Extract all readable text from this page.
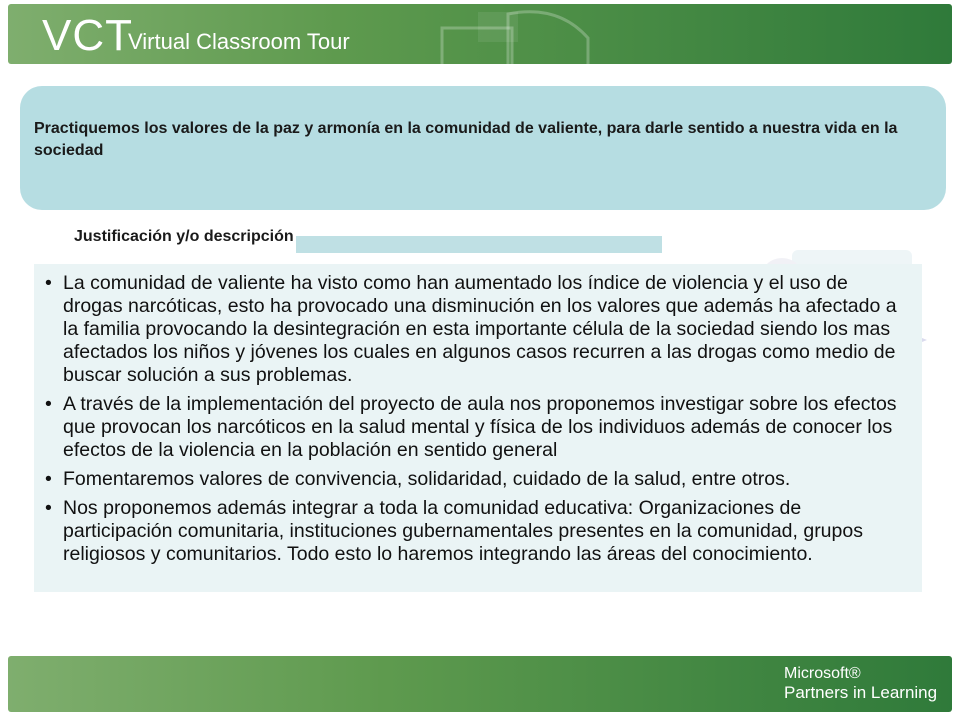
VCT
Virtual Classroom Tour
Practiquemos los valores de la paz y armonía en la comunidad de valiente, para darle sentido a nuestra vida en la sociedad
Justificación y/o descripción
• La comunidad de valiente ha visto como han aumentado los índice de violencia y el uso de drogas narcóticas, esto ha provocado una disminución en los valores que además ha afectado a la familia provocando la desintegración en esta importante célula de la sociedad siendo los mas afectados los niños y jóvenes los cuales en algunos casos recurren a las drogas como medio de buscar solución a sus problemas.
• A través de la implementación del proyecto de aula nos proponemos investigar sobre los efectos que provocan los narcóticos en la salud mental y física de los individuos además de conocer los efectos de la violencia en la población en sentido general
• Fomentaremos valores de convivencia, solidaridad, cuidado de la salud, entre otros.
• Nos proponemos además integrar a toda la comunidad educativa: Organizaciones de participación comunitaria, instituciones gubernamentales presentes en la comunidad, grupos religiosos y comunitarios. Todo esto lo haremos integrando las áreas del conocimiento.
Microsoft®
Partners in Learning
